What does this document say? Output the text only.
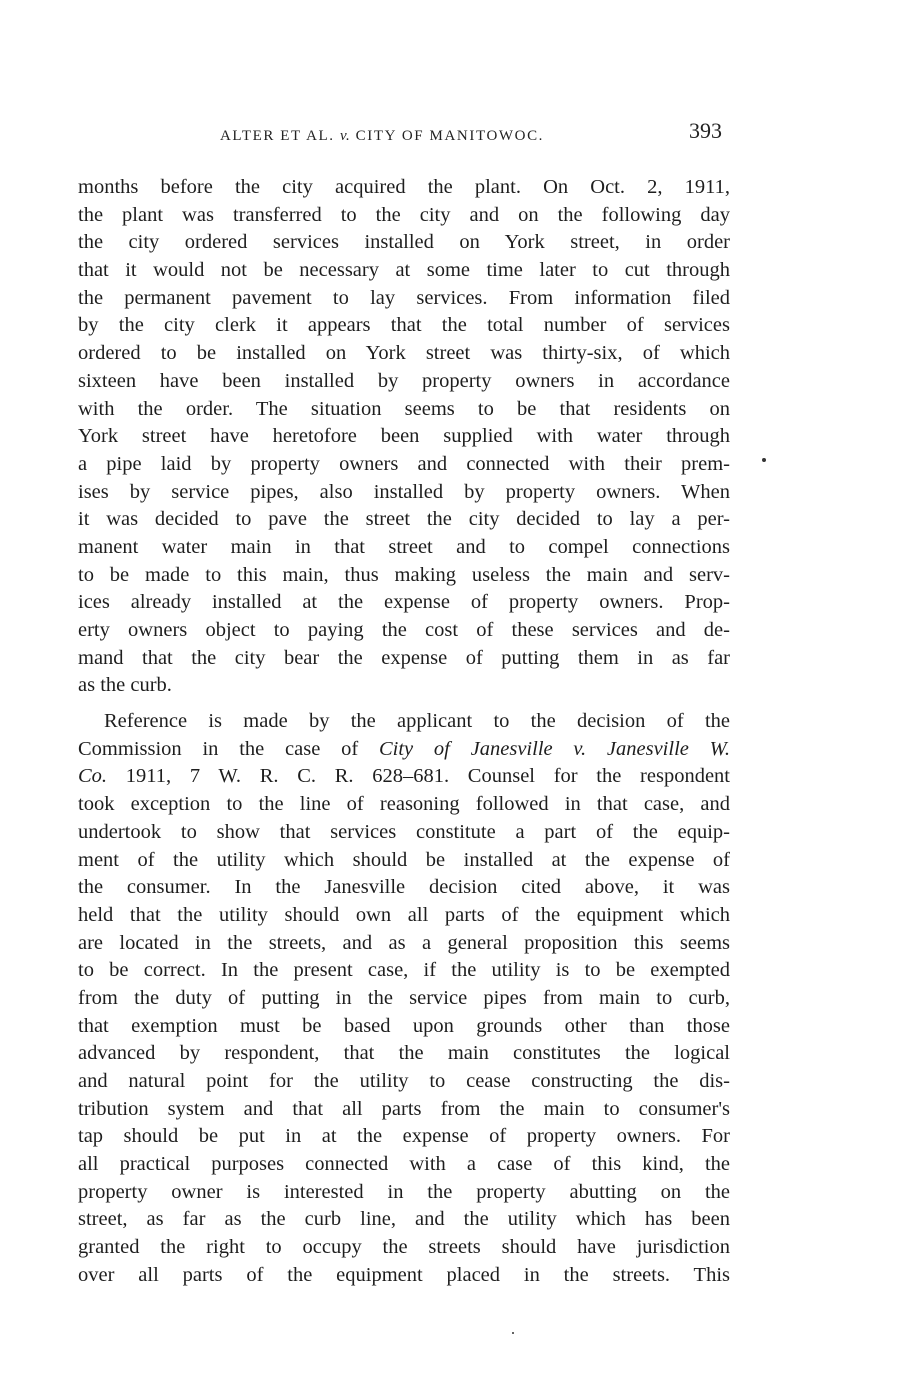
ALTER ET AL. v. CITY OF MANITOWOC.	393
months before the city acquired the plant. On Oct. 2, 1911,
the plant was transferred to the city and on the following day
the city ordered services installed on York street, in order
that it would not be necessary at some time later to cut through
the permanent pavement to lay services. From information filed
by the city clerk it appears that the total number of services
ordered to be installed on York street was thirty-six, of which
sixteen have been installed by property owners in accordance
with the order. The situation seems to be that residents on
York street have heretofore been supplied with water through
a pipe laid by property owners and connected with their prem-
ises by service pipes, also installed by property owners. When
it was decided to pave the street the city decided to lay a per-
manent water main in that street and to compel connections
to be made to this main, thus making useless the main and serv-
ices already installed at the expense of property owners. Prop-
erty owners object to paying the cost of these services and de-
mand that the city bear the expense of putting them in as far
as the curb.
Reference is made by the applicant to the decision of the
Commission in the case of City of Janesville v. Janesville W.
Co. 1911, 7 W. R. C. R. 628–681. Counsel for the respondent
took exception to the line of reasoning followed in that case, and
undertook to show that services constitute a part of the equip-
ment of the utility which should be installed at the expense of
the consumer. In the Janesville decision cited above, it was
held that the utility should own all parts of the equipment which
are located in the streets, and as a general proposition this seems
to be correct. In the present case, if the utility is to be exempted
from the duty of putting in the service pipes from main to curb,
that exemption must be based upon grounds other than those
advanced by respondent, that the main constitutes the logical
and natural point for the utility to cease constructing the dis-
tribution system and that all parts from the main to consumer's
tap should be put in at the expense of property owners. For
all practical purposes connected with a case of this kind, the
property owner is interested in the property abutting on the
street, as far as the curb line, and the utility which has been
granted the right to occupy the streets should have jurisdiction
over all parts of the equipment placed in the streets. This
